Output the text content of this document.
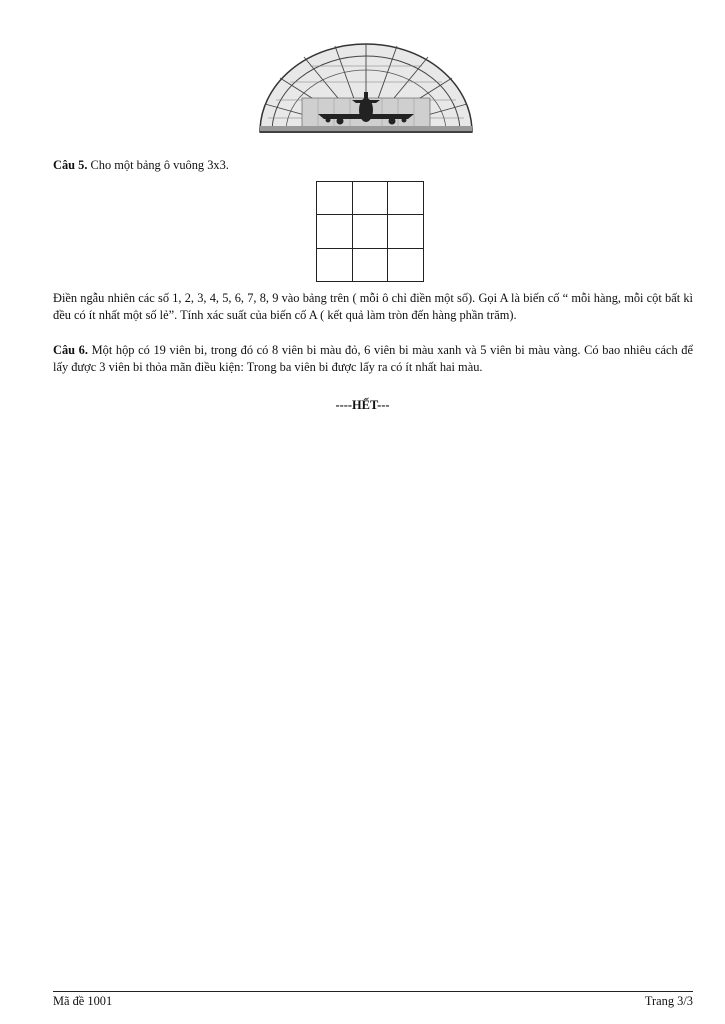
Câu 5. Cho một bảng ô vuông 3x3.

Điền ngẫu nhiên các số 1, 2, 3, 4, 5, 6, 7, 8, 9 vào bảng trên ( mỗi ô chỉ điền một số). Gọi A là biến cố “ mỗi hàng, mỗi cột bất kì đều có ít nhất một số lẻ”. Tính xác suất của biến cố A ( kết quả làm tròn đến hàng phần trăm).

Câu 6. Một hộp có 19 viên bi, trong đó có 8 viên bi màu đỏ, 6 viên bi màu xanh và 5 viên bi màu vàng. Có bao nhiêu cách để lấy được 3 viên bi thỏa mãn điều kiện: Trong ba viên bi được lấy ra có ít nhất hai màu.

----HẾT---
Mã đề 1001	Trang 3/3
